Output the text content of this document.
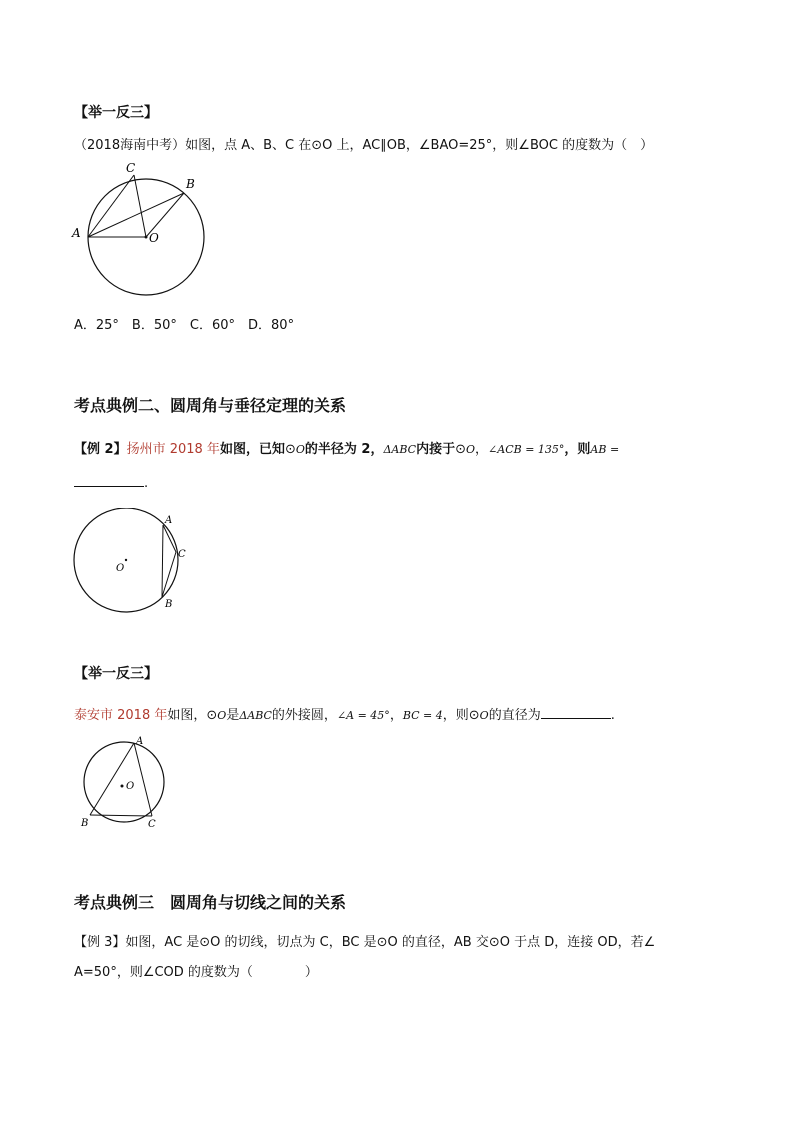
【举一反三】
（2018海南中考）如图，点 A、B、C 在⊙O 上，AC∥OB，∠BAO=25°，则∠BOC 的度数为（　）
A
C
B
O
A．25°　B．50°　C．60°　D．80°
考点典例二、圆周角与垂径定理的关系
【例 2】扬州市 2018 年如图，已知⊙O的半径为 2，ΔABC内接于⊙O，∠ACB = 135°，则AB =
.
A
C
B
O
【举一反三】
泰安市 2018 年如图，⊙O是ΔABC的外接圆，∠A = 45°，BC = 4，则⊙O的直径为	.
A
B	C
O
考点典例三　圆周角与切线之间的关系
【例 3】如图，AC 是⊙O 的切线，切点为 C，BC 是⊙O 的直径，AB 交⊙O 于点 D，连接 OD，若∠
A=50°，则∠COD 的度数为（　　　　）
